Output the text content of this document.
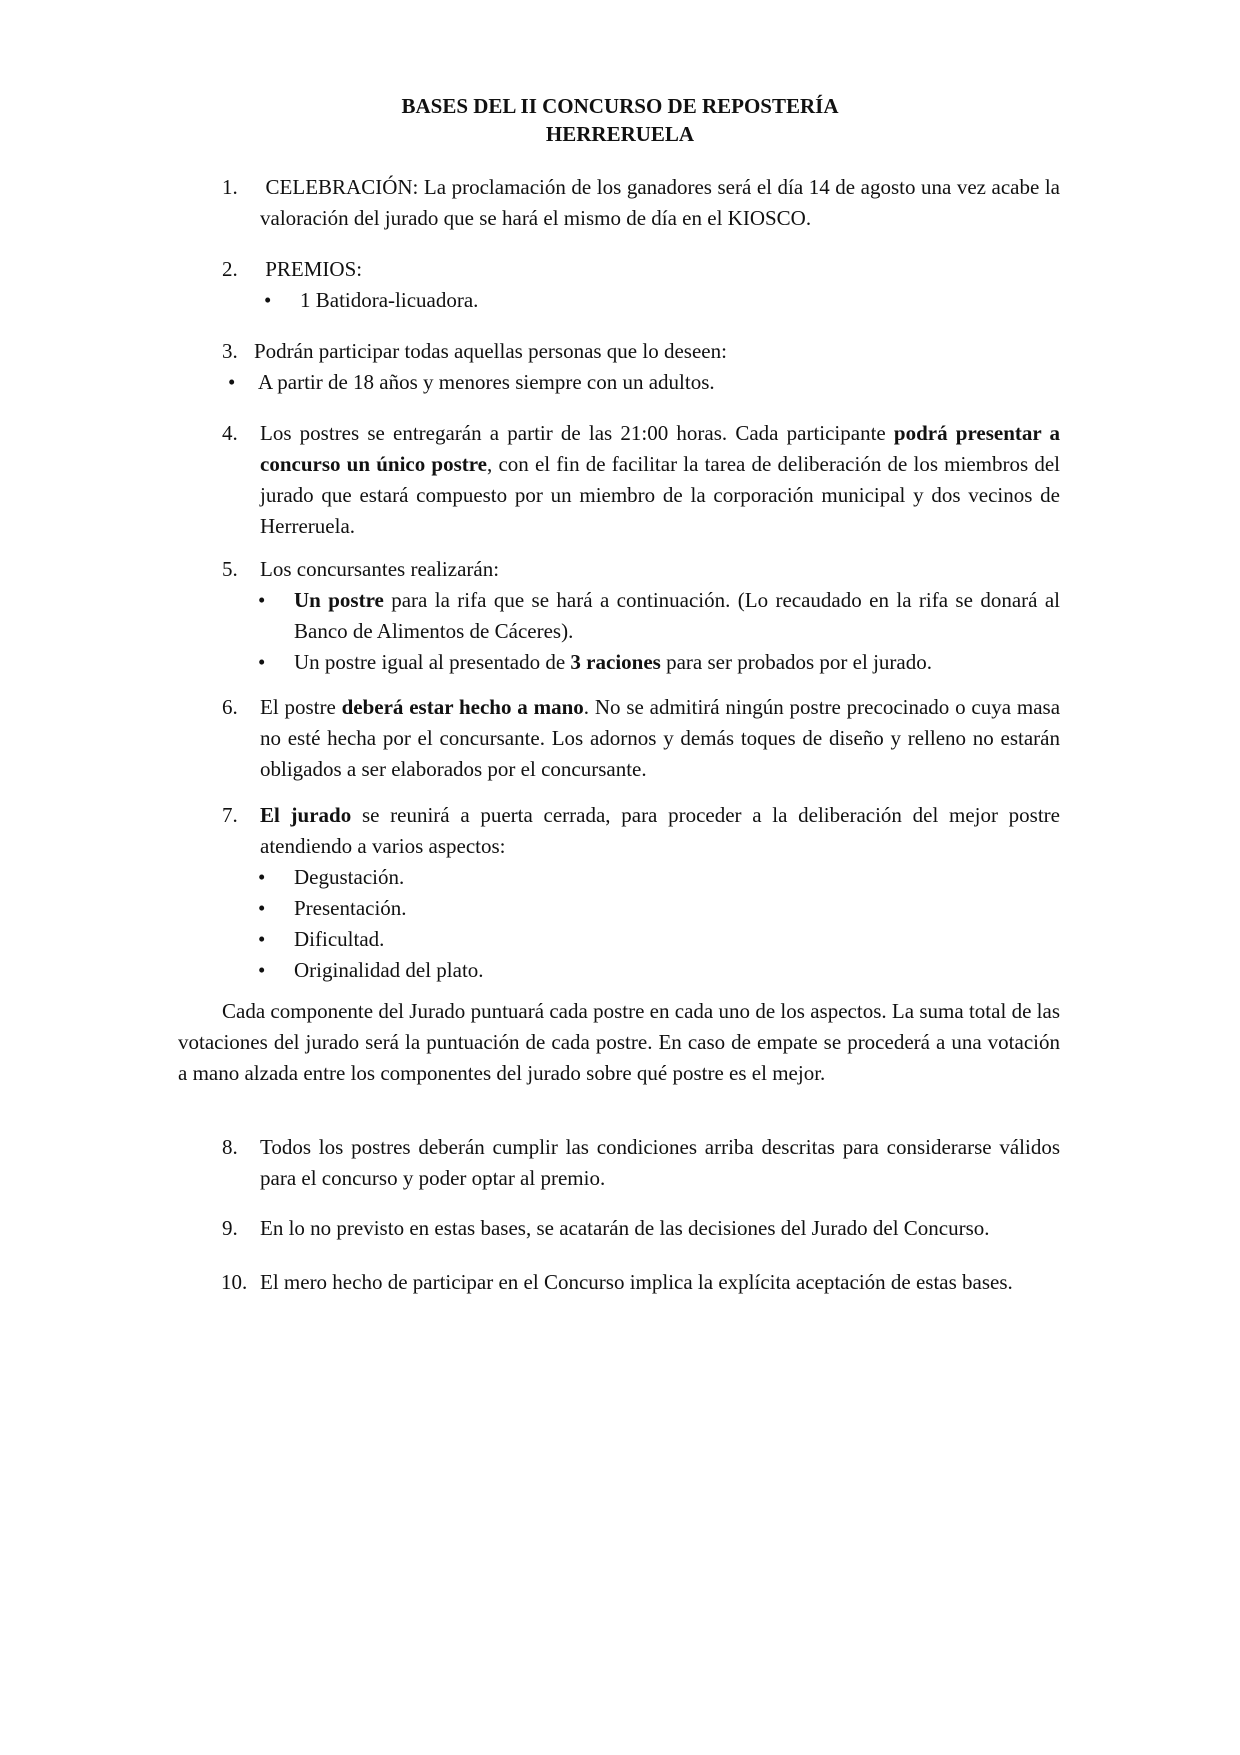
BASES DEL II CONCURSO DE REPOSTERÍA
HERRERUELA
1. CELEBRACIÓN: La proclamación de los ganadores será el día 14 de agosto una vez acabe la valoración del jurado que se hará el mismo de día en el KIOSCO.
2. PREMIOS:
• 1 Batidora-licuadora.
3. Podrán participar todas aquellas personas que lo deseen:
• A partir de 18 años y menores siempre con un adultos.
4. Los postres se entregarán a partir de las 21:00 horas. Cada participante podrá presentar a concurso un único postre, con el fin de facilitar la tarea de deliberación de los miembros del jurado que estará compuesto por un miembro de la corporación municipal y dos vecinos de Herreruela.
5. Los concursantes realizarán:
• Un postre para la rifa que se hará a continuación. (Lo recaudado en la rifa se donará al Banco de Alimentos de Cáceres).
• Un postre igual al presentado de 3 raciones para ser probados por el jurado.
6. El postre deberá estar hecho a mano. No se admitirá ningún postre precocinado o cuya masa no esté hecha por el concursante. Los adornos y demás toques de diseño y relleno no estarán obligados a ser elaborados por el concursante.
7. El jurado se reunirá a puerta cerrada, para proceder a la deliberación del mejor postre atendiendo a varios aspectos:
• Degustación.
• Presentación.
• Dificultad.
• Originalidad del plato.
Cada componente del Jurado puntuará cada postre en cada uno de los aspectos. La suma total de las votaciones del jurado será la puntuación de cada postre. En caso de empate se procederá a una votación a mano alzada entre los componentes del jurado sobre qué postre es el mejor.
8. Todos los postres deberán cumplir las condiciones arriba descritas para considerarse válidos para el concurso y poder optar al premio.
9. En lo no previsto en estas bases, se acatarán de las decisiones del Jurado del Concurso.
10. El mero hecho de participar en el Concurso implica la explícita aceptación de estas bases.
